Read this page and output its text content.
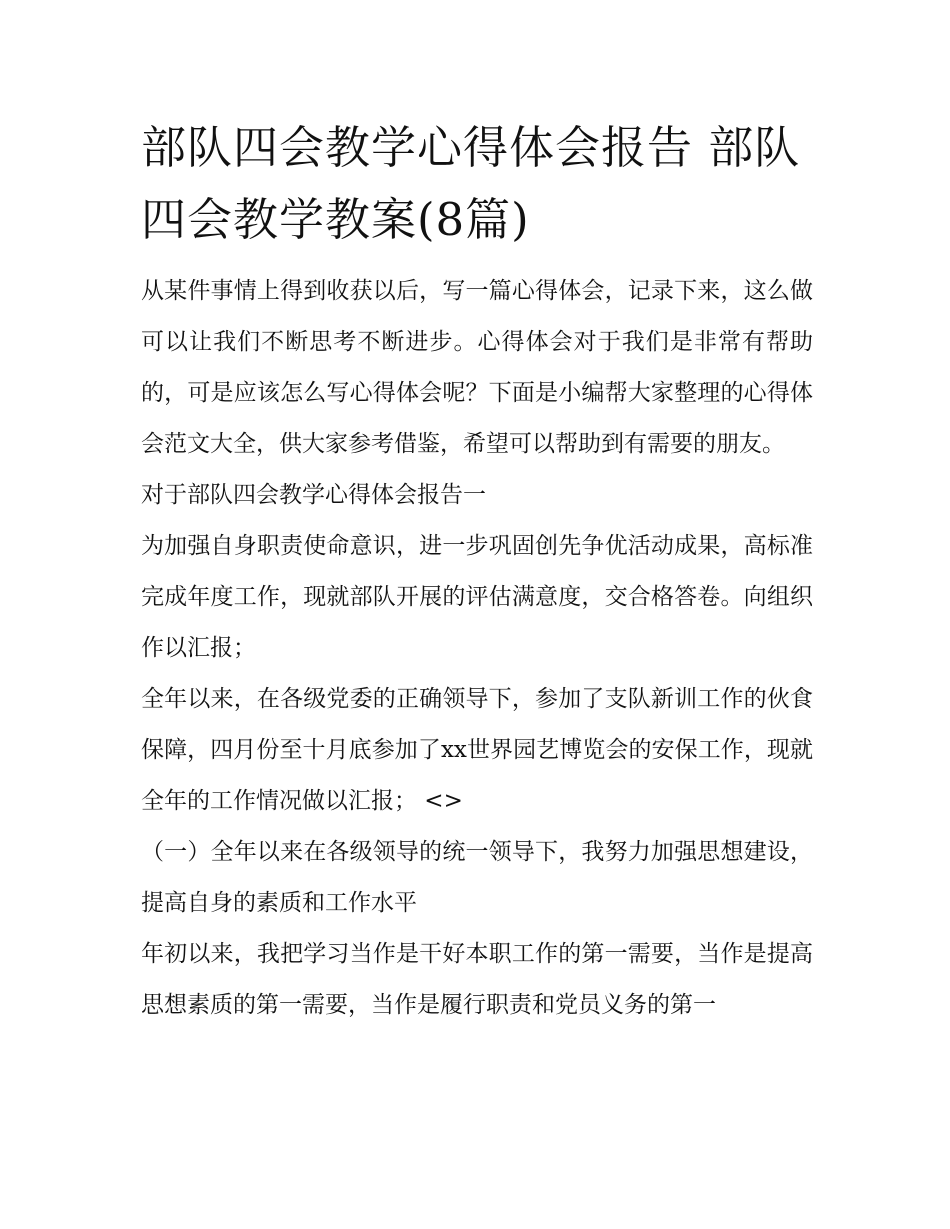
部队四会教学心得体会报告 部队四会教学教案(8篇)

从某件事情上得到收获以后，写一篇心得体会，记录下来，这么做可以让我们不断思考不断进步。心得体会对于我们是非常有帮助的，可是应该怎么写心得体会呢？下面是小编帮大家整理的心得体会范文大全，供大家参考借鉴，希望可以帮助到有需要的朋友。

对于部队四会教学心得体会报告一

为加强自身职责使命意识，进一步巩固创先争优活动成果，高标准完成年度工作，现就部队开展的评估满意度，交合格答卷。向组织作以汇报；

全年以来，在各级党委的正确领导下，参加了支队新训工作的伙食保障，四月份至十月底参加了xx世界园艺博览会的安保工作，现就全年的工作情况做以汇报； <>

（一）全年以来在各级领导的统一领导下，我努力加强思想建设，提高自身的素质和工作水平

年初以来，我把学习当作是干好本职工作的第一需要，当作是提高思想素质的第一需要，当作是履行职责和党员义务的第一
